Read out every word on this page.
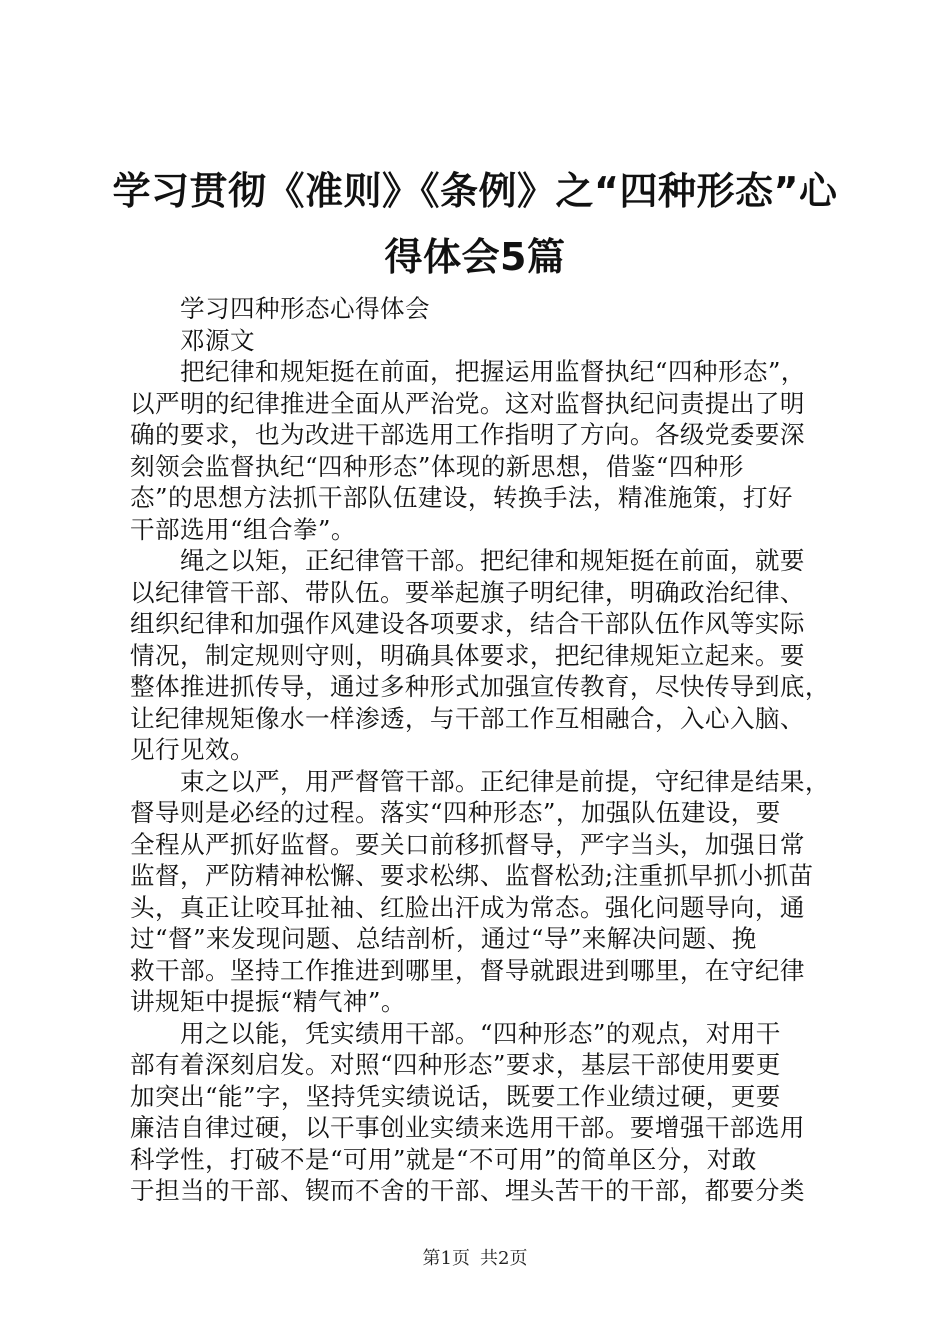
学习贯彻《准则》《条例》之“四种形态”心
得体会5篇
学习四种形态心得体会
邓源文
把纪律和规矩挺在前面，把握运用监督执纪“四种形态”，
以严明的纪律推进全面从严治党。这对监督执纪问责提出了明
确的要求，也为改进干部选用工作指明了方向。各级党委要深
刻领会监督执纪“四种形态”体现的新思想，借鉴“四种形
态”的思想方法抓干部队伍建设，转换手法，精准施策，打好
干部选用“组合拳”。
绳之以矩，正纪律管干部。把纪律和规矩挺在前面，就要
以纪律管干部、带队伍。要举起旗子明纪律，明确政治纪律、
组织纪律和加强作风建设各项要求，结合干部队伍作风等实际
情况，制定规则守则，明确具体要求，把纪律规矩立起来。要
整体推进抓传导，通过多种形式加强宣传教育，尽快传导到底，
让纪律规矩像水一样渗透，与干部工作互相融合，入心入脑、
见行见效。
束之以严，用严督管干部。正纪律是前提，守纪律是结果，
督导则是必经的过程。落实“四种形态”，加强队伍建设，要
全程从严抓好监督。要关口前移抓督导，严字当头，加强日常
监督，严防精神松懈、要求松绑、监督松劲;注重抓早抓小抓苗
头，真正让咬耳扯袖、红脸出汗成为常态。强化问题导向，通
过“督”来发现问题、总结剖析，通过“导”来解决问题、挽
救干部。坚持工作推进到哪里，督导就跟进到哪里，在守纪律
讲规矩中提振“精气神”。
用之以能，凭实绩用干部。“四种形态”的观点，对用干
部有着深刻启发。对照“四种形态”要求，基层干部使用要更
加突出“能”字，坚持凭实绩说话，既要工作业绩过硬，更要
廉洁自律过硬，以干事创业实绩来选用干部。要增强干部选用
科学性，打破不是“可用”就是“不可用”的简单区分，对敢
于担当的干部、锲而不舍的干部、埋头苦干的干部，都要分类
第1页 共2页
